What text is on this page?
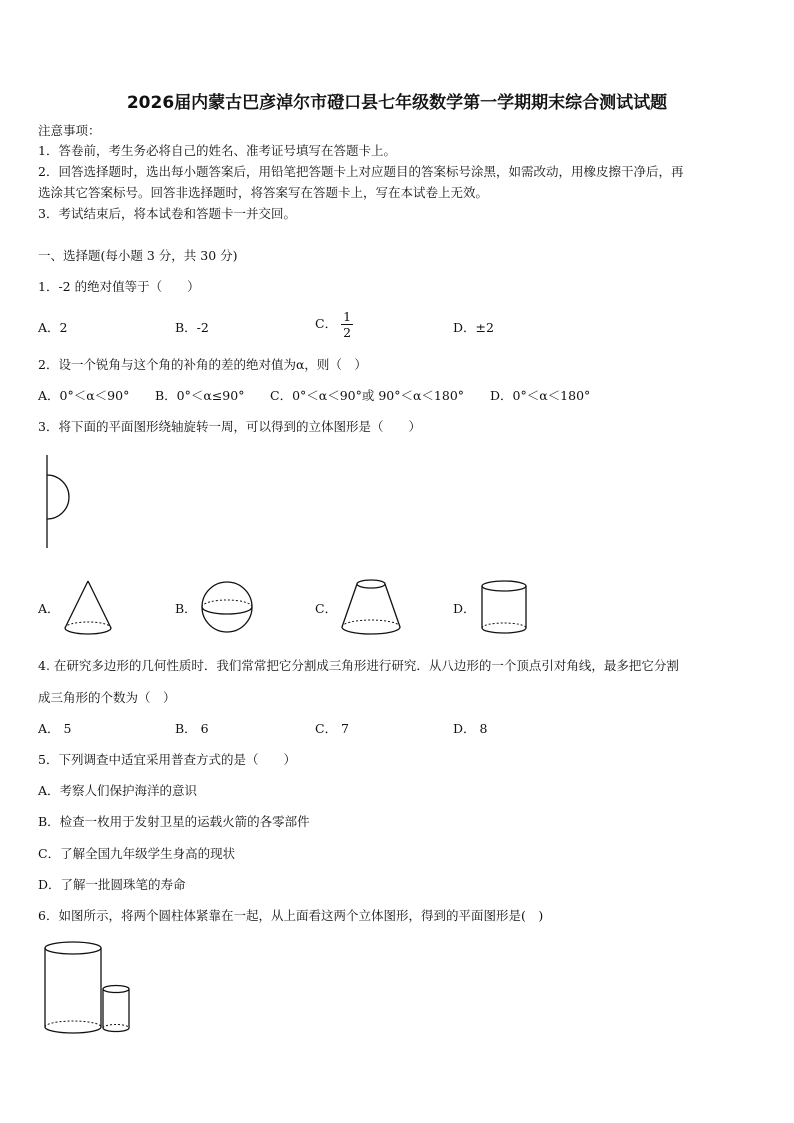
2026届内蒙古巴彦淖尔市磴口县七年级数学第一学期期末综合测试试题
注意事项：
1．答卷前，考生务必将自己的姓名、准考证号填写在答题卡上。
2．回答选择题时，选出每小题答案后，用铅笔把答题卡上对应题目的答案标号涂黑，如需改动，用橡皮擦干净后，再
选涂其它答案标号。回答非选择题时，将答案写在答题卡上，写在本试卷上无效。
3．考试结束后，将本试卷和答题卡一并交回。
一、选择题(每小题 3 分，共 30 分)
1．-2 的绝对值等于（　　）
A．2	B．-2	C． $\frac{1}{2}$	D．±2
2．设一个锐角与这个角的补角的差的绝对值为α，则（　）
A．0°＜α＜90° B．0°＜α≤90° C．0°＜α＜90°或 90°＜α＜180° D．0°＜α＜180°
3．将下面的平面图形绕轴旋转一周，可以得到的立体图形是（　　）
A．	B．	C．	D．
4. 在研究多边形的几何性质时．我们常常把它分割成三角形进行研究．从八边形的一个顶点引对角线，最多把它分割
成三角形的个数为（　）
A． 5	B． 6	C． 7	D． 8
5．下列调查中适宜采用普查方式的是（　　）
A．考察人们保护海洋的意识
B．检查一枚用于发射卫星的运载火箭的各零部件
C．了解全国九年级学生身高的现状
D．了解一批圆珠笔的寿命
6．如图所示，将两个圆柱体紧靠在一起，从上面看这两个立体图形，得到的平面图形是(　)
